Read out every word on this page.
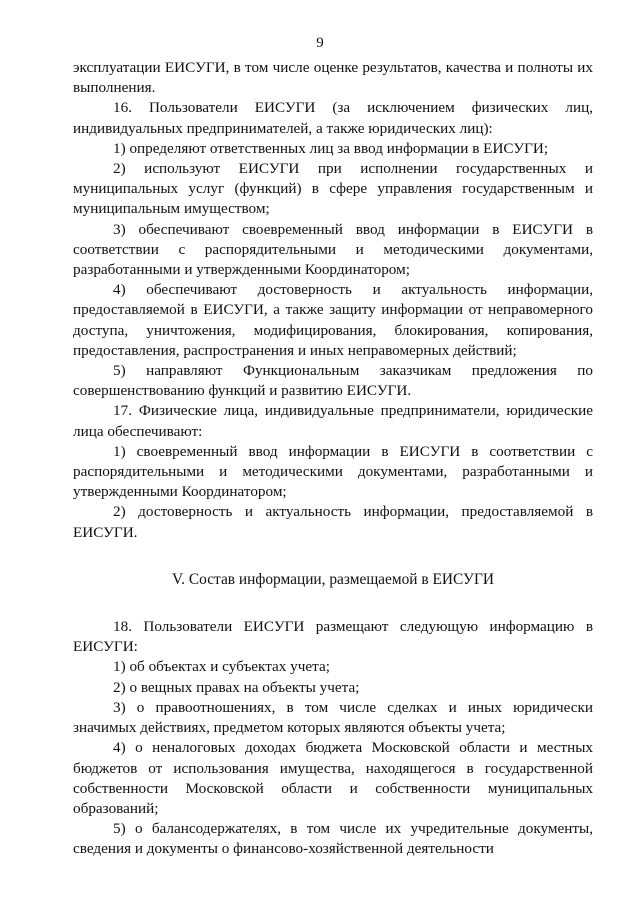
9

эксплуатации ЕИСУГИ, в том числе оценке результатов, качества и полноты их выполнения.

16. Пользователи ЕИСУГИ (за исключением физических лиц, индивидуальных предпринимателей, а также юридических лиц):

1) определяют ответственных лиц за ввод информации в ЕИСУГИ;

2) используют ЕИСУГИ при исполнении государственных и муниципальных услуг (функций) в сфере управления государственным и муниципальным имуществом;

3) обеспечивают своевременный ввод информации в ЕИСУГИ в соответствии с распорядительными и методическими документами, разработанными и утвержденными Координатором;

4) обеспечивают достоверность и актуальность информации, предоставляемой в ЕИСУГИ, а также защиту информации от неправомерного доступа, уничтожения, модифицирования, блокирования, копирования, предоставления, распространения и иных неправомерных действий;

5) направляют Функциональным заказчикам предложения по совершенствованию функций и развитию ЕИСУГИ.

17. Физические лица, индивидуальные предприниматели, юридические лица обеспечивают:

1) своевременный ввод информации в ЕИСУГИ в соответствии с распорядительными и методическими документами, разработанными и утвержденными Координатором;

2) достоверность и актуальность информации, предоставляемой в ЕИСУГИ.

V. Состав информации, размещаемой в ЕИСУГИ

18. Пользователи ЕИСУГИ размещают следующую информацию в ЕИСУГИ:

1) об объектах и субъектах учета;

2) о вещных правах на объекты учета;

3) о правоотношениях, в том числе сделках и иных юридически значимых действиях, предметом которых являются объекты учета;

4) о неналоговых доходах бюджета Московской области и местных бюджетов от использования имущества, находящегося в государственной собственности Московской области и собственности муниципальных образований;

5) о балансодержателях, в том числе их учредительные документы, сведения и документы о финансово-хозяйственной деятельности
